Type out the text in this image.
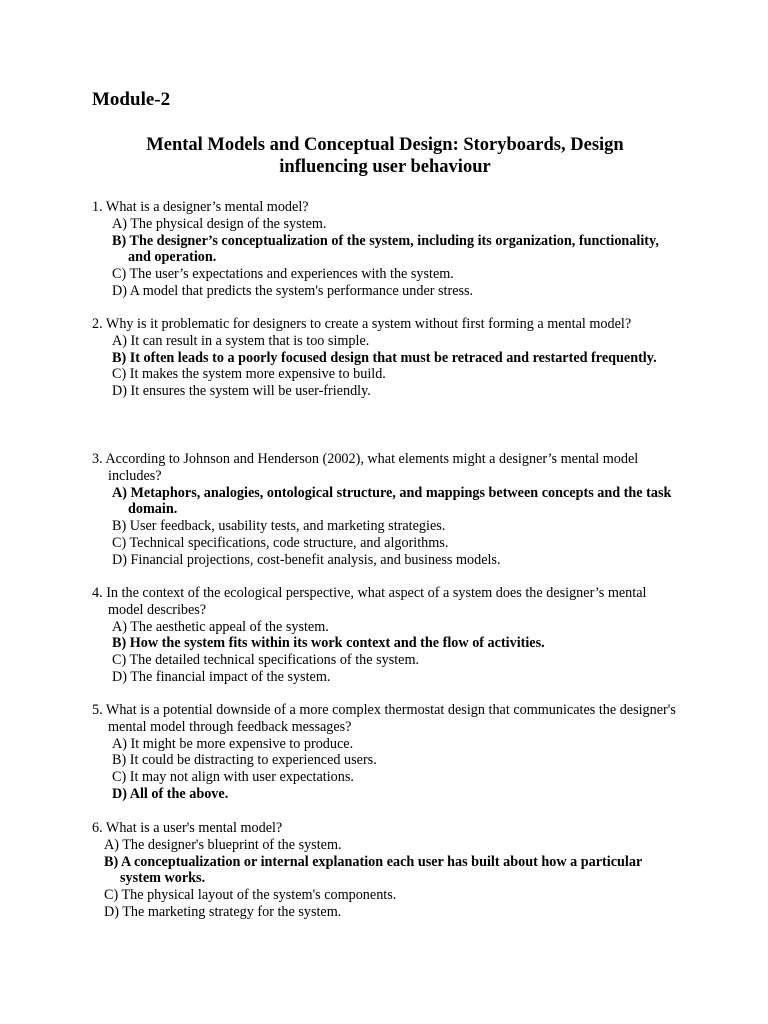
Module-2
Mental Models and Conceptual Design: Storyboards, Design influencing user behaviour
1. What is a designer’s mental model?
A) The physical design of the system.
B) The designer’s conceptualization of the system, including its organization, functionality, and operation.
C) The user’s expectations and experiences with the system.
D) A model that predicts the system's performance under stress.
2. Why is it problematic for designers to create a system without first forming a mental model?
A) It can result in a system that is too simple.
B) It often leads to a poorly focused design that must be retraced and restarted frequently.
C) It makes the system more expensive to build.
D) It ensures the system will be user-friendly.
3. According to Johnson and Henderson (2002), what elements might a designer’s mental model includes?
A) Metaphors, analogies, ontological structure, and mappings between concepts and the task domain.
B) User feedback, usability tests, and marketing strategies.
C) Technical specifications, code structure, and algorithms.
D) Financial projections, cost-benefit analysis, and business models.
4. In the context of the ecological perspective, what aspect of a system does the designer’s mental model describes?
A) The aesthetic appeal of the system.
B) How the system fits within its work context and the flow of activities.
C) The detailed technical specifications of the system.
D) The financial impact of the system.
5. What is a potential downside of a more complex thermostat design that communicates the designer's mental model through feedback messages?
A) It might be more expensive to produce.
B) It could be distracting to experienced users.
C) It may not align with user expectations.
D) All of the above.
6. What is a user's mental model?
A) The designer's blueprint of the system.
B) A conceptualization or internal explanation each user has built about how a particular system works.
C) The physical layout of the system's components.
D) The marketing strategy for the system.
